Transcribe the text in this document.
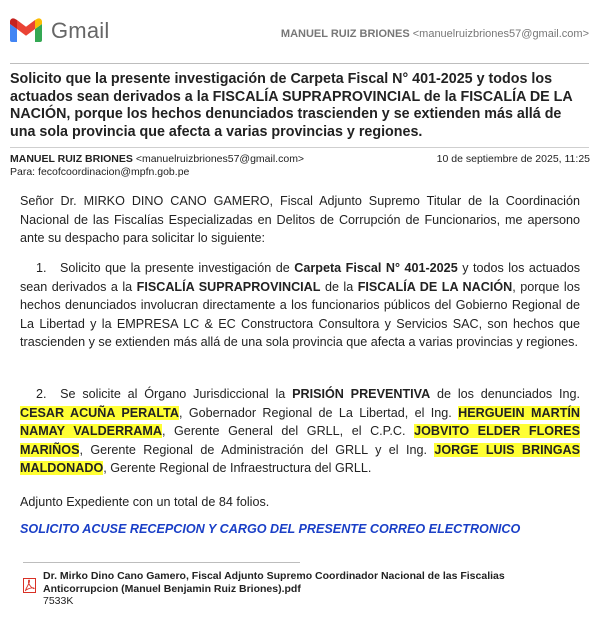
Gmail	MANUEL RUIZ BRIONES <manuelruizbriones57@gmail.com>
Solicito que la presente investigación de Carpeta Fiscal N° 401-2025 y todos los actuados sean derivados a la FISCALÍA SUPRAPROVINCIAL de la FISCALÍA DE LA NACIÓN, porque los hechos denunciados trascienden y se extienden más allá de una sola provincia que afecta a varias provincias y regiones.
MANUEL RUIZ BRIONES <manuelruizbriones57@gmail.com>	10 de septiembre de 2025, 11:25
Para: fecofcoordinacion@mpfn.gob.pe
Señor Dr. MIRKO DINO CANO GAMERO, Fiscal Adjunto Supremo Titular de la Coordinación Nacional de las Fiscalías Especializadas en Delitos de Corrupción de Funcionarios, me apersono ante su despacho para solicitar lo siguiente:
1. Solicito que la presente investigación de Carpeta Fiscal N° 401-2025 y todos los actuados sean derivados a la FISCALÍA SUPRAPROVINCIAL de la FISCALÍA DE LA NACIÓN, porque los hechos denunciados involucran directamente a los funcionarios públicos del Gobierno Regional de La Libertad y la EMPRESA LC & EC Constructora Consultora y Servicios SAC, son hechos que trascienden y se extienden más allá de una sola provincia que afecta a varias provincias y regiones.
2. Se solicite al Órgano Jurisdiccional la PRISIÓN PREVENTIVA de los denunciados Ing. CESAR ACUÑA PERALTA, Gobernador Regional de La Libertad, el Ing. HERGUEIN MARTÍN NAMAY VALDERRAMA, Gerente General del GRLL, el C.P.C. JOBVITO ELDER FLORES MARIÑOS, Gerente Regional de Administración del GRLL y el Ing. JORGE LUIS BRINGAS MALDONADO, Gerente Regional de Infraestructura del GRLL.
Adjunto Expediente con un total de 84 folios.
SOLICITO ACUSE RECEPCION Y CARGO DEL PRESENTE CORREO ELECTRONICO
Dr. Mirko Dino Cano Gamero, Fiscal Adjunto Supremo Coordinador Nacional de las Fiscalias Anticorrupcion (Manuel Benjamin Ruiz Briones).pdf
7533K
